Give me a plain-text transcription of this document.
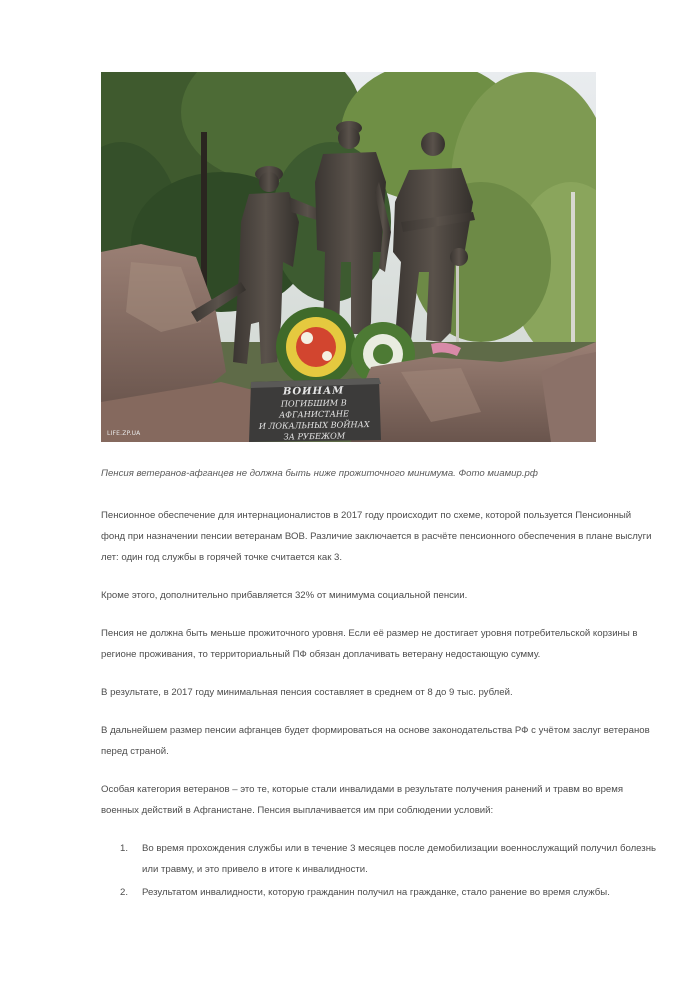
ВОИНАМ
ПОГИБШИМ В АФГАНИСТАНЕ
И ЛОКАЛЬНЫХ ВОЙНАХ
ЗА РУБЕЖОМ
LIFE.ZP.UA
Пенсия ветеранов-афганцев не должна быть ниже прожиточного минимума. Фото миамир.рф

Пенсионное обеспечение для интернационалистов в 2017 году происходит по схеме, которой пользуется Пенсионный фонд при назначении пенсии ветеранам ВОВ. Различие заключается в расчёте пенсионного обеспечения в плане выслуги лет: один год службы в горячей точке считается как 3.

Кроме этого, дополнительно прибавляется 32% от минимума социальной пенсии.

Пенсия не должна быть меньше прожиточного уровня. Если её размер не достигает уровня потребительской корзины в регионе проживания, то территориальный ПФ обязан доплачивать ветерану недостающую сумму.

В результате, в 2017 году минимальная пенсия составляет в среднем от 8 до 9 тыс. рублей.

В дальнейшем размер пенсии афганцев будет формироваться на основе законодательства РФ с учётом заслуг ветеранов перед страной.

Особая категория ветеранов – это те, которые стали инвалидами в результате получения ранений и травм во время военных действий в Афганистане. Пенсия выплачивается им при соблюдении условий:

1. Во время прохождения службы или в течение 3 месяцев после демобилизации военнослужащий получил болезнь или травму, и это привело в итоге к инвалидности.
2. Результатом инвалидности, которую гражданин получил на гражданке, стало ранение во время службы.
